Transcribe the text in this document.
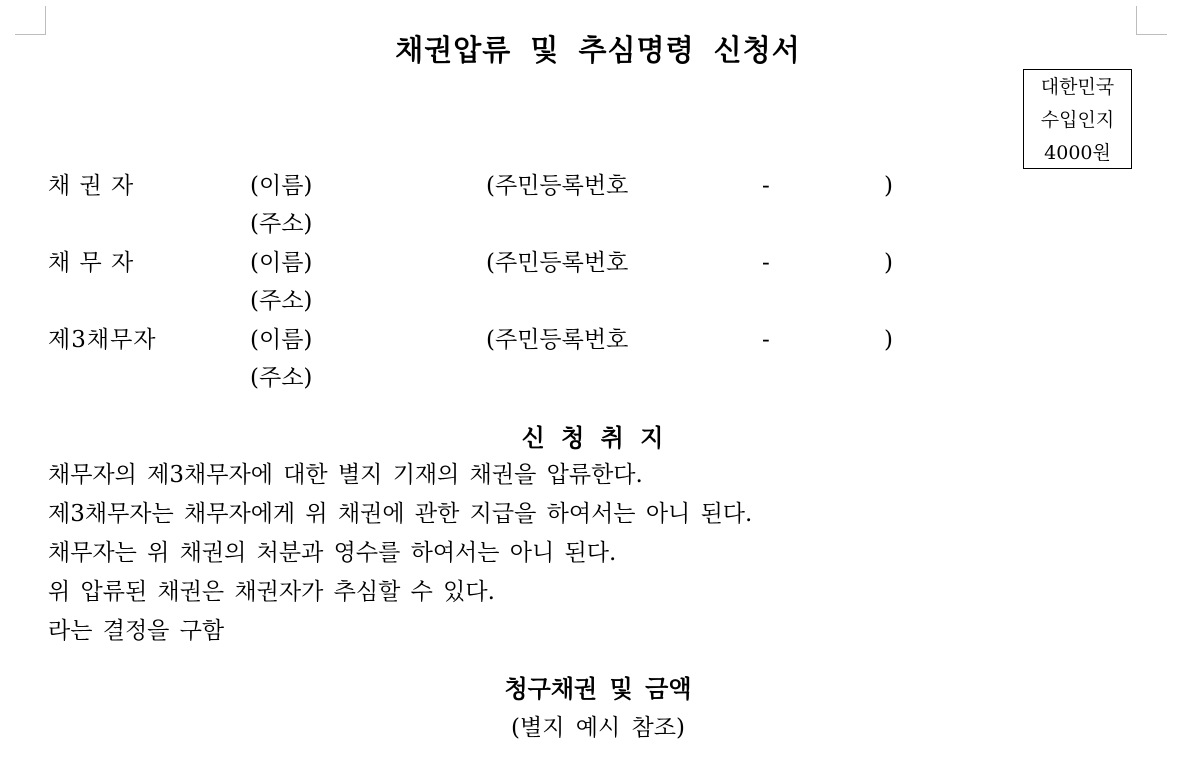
채권압류 및 추심명령 신청서
대한민국
수입인지
4000원
채 권 자	(이름)	(주민등록번호	-	)
(주소)
채 무 자	(이름)	(주민등록번호	-	)
(주소)
제3채무자	(이름)	(주민등록번호	-	)
(주소)
신 청 취 지
채무자의 제3채무자에 대한 별지 기재의 채권을 압류한다.
제3채무자는 채무자에게 위 채권에 관한 지급을 하여서는 아니 된다.
채무자는 위 채권의 처분과 영수를 하여서는 아니 된다.
위 압류된 채권은 채권자가 추심할 수 있다.
라는 결정을 구함
청구채권 및 금액
(별지 예시 참조)
